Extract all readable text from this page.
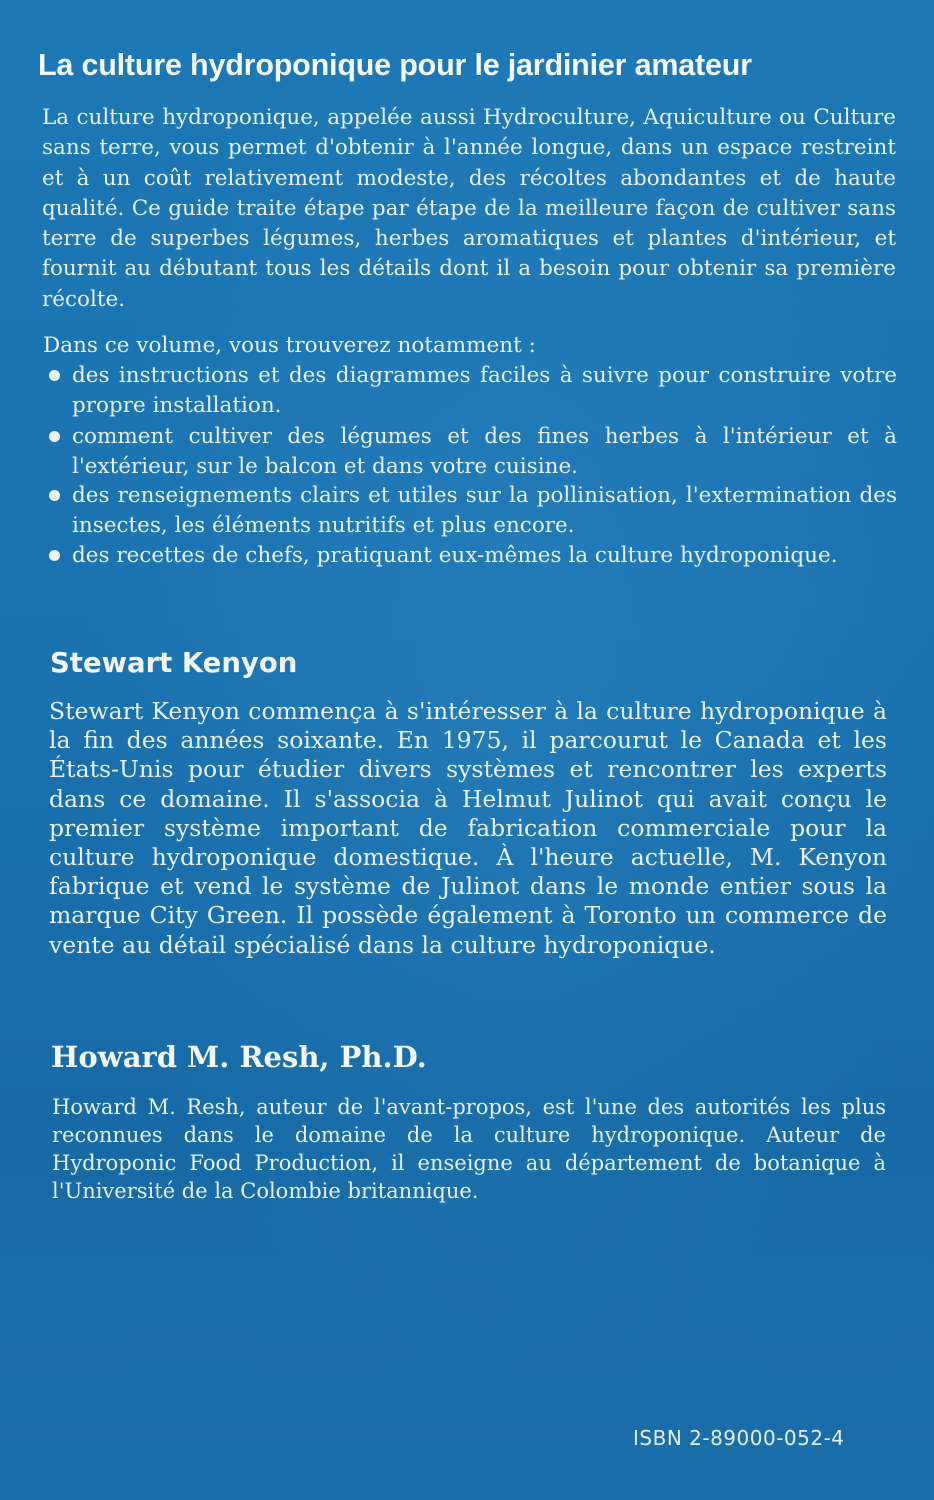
La culture hydroponique pour le jardinier amateur

La culture hydroponique, appelée aussi Hydroculture, Aquiculture ou Culture sans terre, vous permet d'obtenir à l'année longue, dans un espace restreint et à un coût relativement modeste, des récoltes abondantes et de haute qualité. Ce guide traite étape par étape de la meilleure façon de cultiver sans terre de superbes légumes, herbes aromatiques et plantes d'intérieur, et fournit au débutant tous les détails dont il a besoin pour obtenir sa première récolte.

Dans ce volume, vous trouverez notamment :

des instructions et des diagrammes faciles à suivre pour construire votre propre installation.
comment cultiver des légumes et des fines herbes à l'intérieur et à l'extérieur, sur le balcon et dans votre cuisine.
des renseignements clairs et utiles sur la pollinisation, l'extermination des insectes, les éléments nutritifs et plus encore.
des recettes de chefs, pratiquant eux-mêmes la culture hydroponique.
Stewart Kenyon

Stewart Kenyon commença à s'intéresser à la culture hydroponique à la fin des années soixante. En 1975, il parcourut le Canada et les États-Unis pour étudier divers systèmes et rencontrer les experts dans ce domaine. Il s'associa à Helmut Julinot qui avait conçu le premier système important de fabrication commerciale pour la culture hydroponique domestique. À l'heure actuelle, M. Kenyon fabrique et vend le système de Julinot dans le monde entier sous la marque City Green. Il possède également à Toronto un commerce de vente au détail spécialisé dans la culture hydroponique.

Howard M. Resh, Ph.D.

Howard M. Resh, auteur de l'avant-propos, est l'une des autorités les plus reconnues dans le domaine de la culture hydroponique. Auteur de Hydroponic Food Production, il enseigne au département de botanique à l'Université de la Colombie britannique.

ISBN 2-89000-052-4
